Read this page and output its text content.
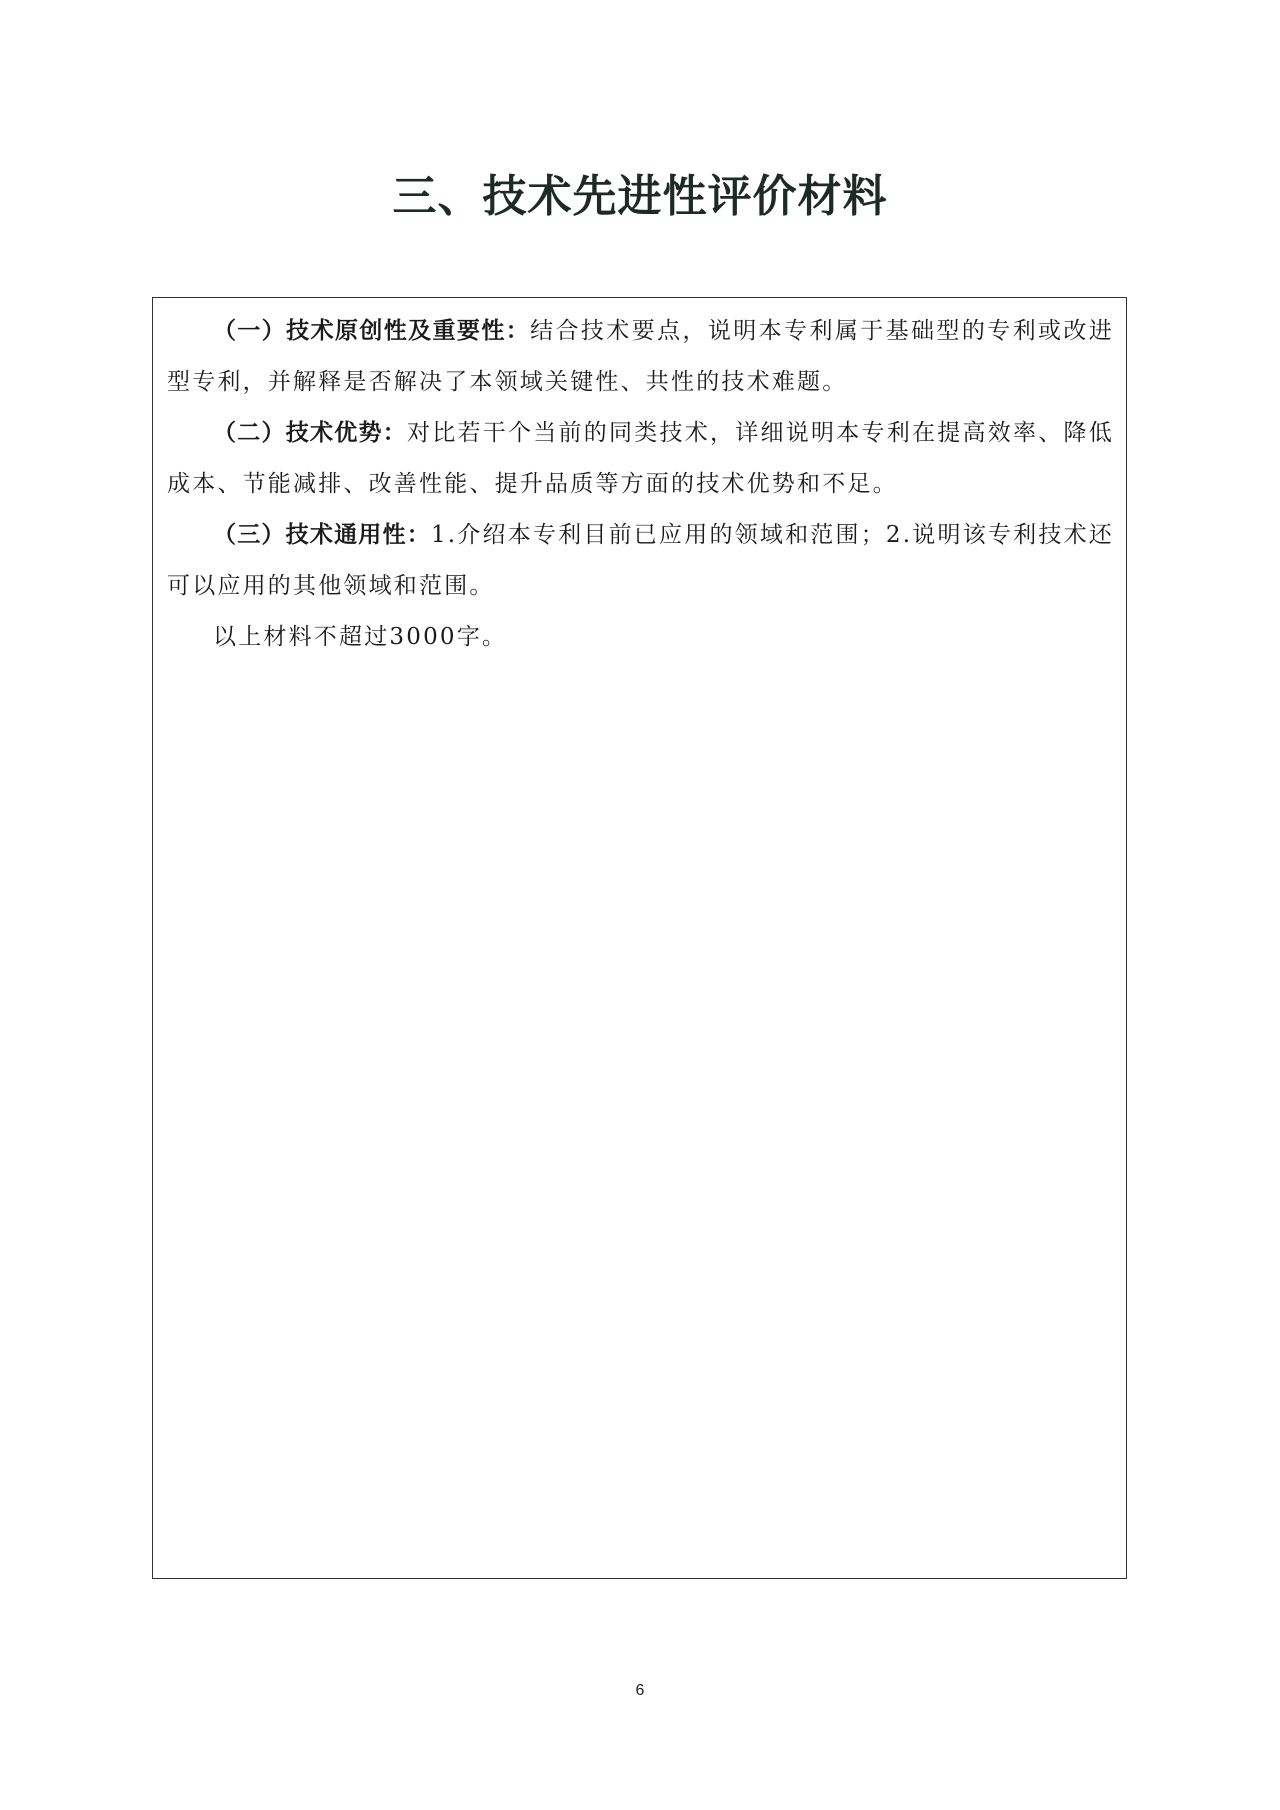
三、技术先进性评价材料

（一）技术原创性及重要性：结合技术要点，说明本专利属于基础型的专利或改进型专利，并解释是否解决了本领域关键性、共性的技术难题。

（二）技术优势：对比若干个当前的同类技术，详细说明本专利在提高效率、降低成本、节能减排、改善性能、提升品质等方面的技术优势和不足。

（三）技术通用性：1.介绍本专利目前已应用的领域和范围；2.说明该专利技术还可以应用的其他领域和范围。

以上材料不超过3000字。

6
